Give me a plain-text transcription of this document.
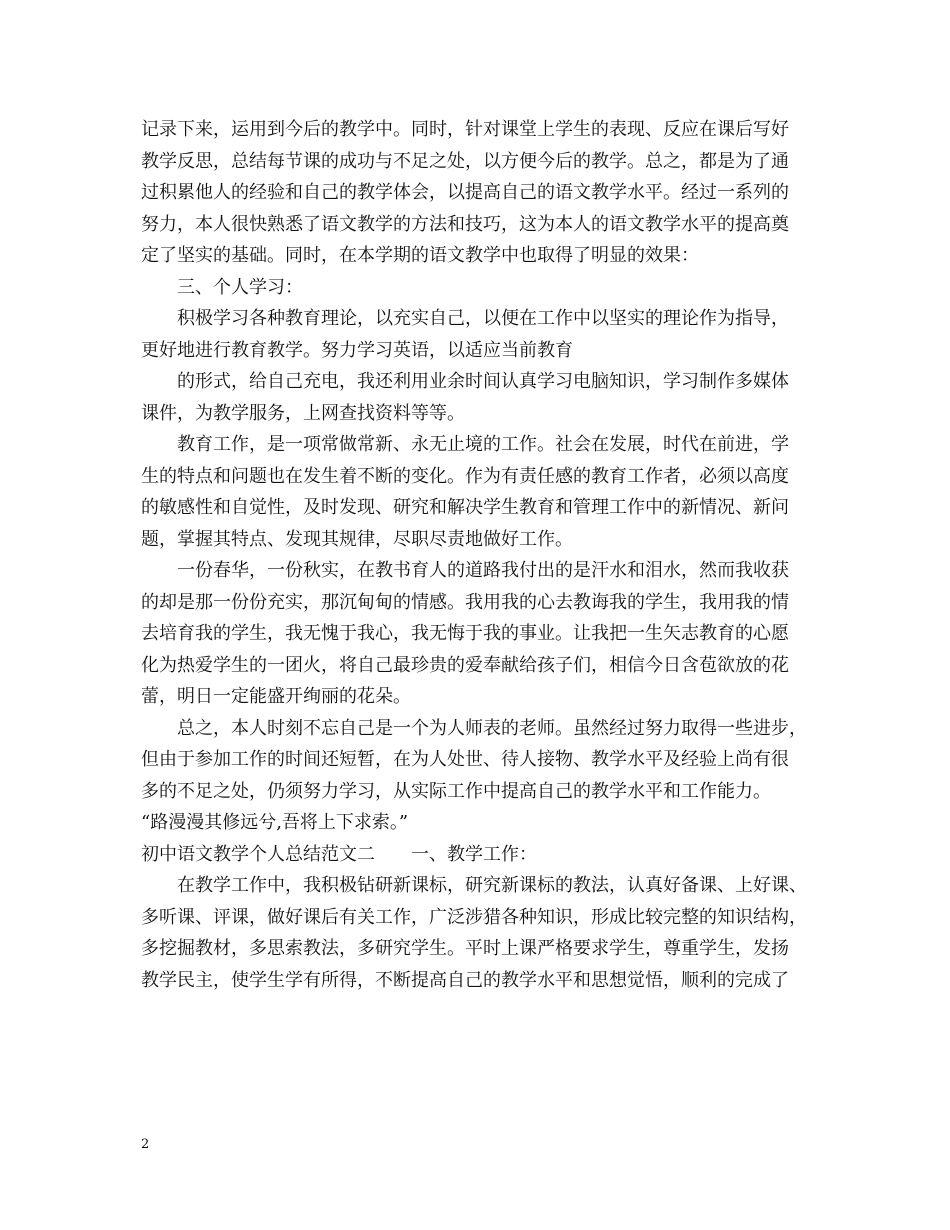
记录下来，运用到今后的教学中。同时，针对课堂上学生的表现、反应在课后写好
教学反思，总结每节课的成功与不足之处，以方便今后的教学。总之，都是为了通
过积累他人的经验和自己的教学体会，以提高自己的语文教学水平。经过一系列的
努力，本人很快熟悉了语文教学的方法和技巧，这为本人的语文教学水平的提高奠
定了坚实的基础。同时，在本学期的语文教学中也取得了明显的效果：
三、个人学习：
积极学习各种教育理论，以充实自己，以便在工作中以坚实的理论作为指导，
更好地进行教育教学。努力学习英语，以适应当前教育
的形式，给自己充电，我还利用业余时间认真学习电脑知识，学习制作多媒体
课件，为教学服务，上网查找资料等等。
教育工作，是一项常做常新、永无止境的工作。社会在发展，时代在前进，学
生的特点和问题也在发生着不断的变化。作为有责任感的教育工作者，必须以高度
的敏感性和自觉性，及时发现、研究和解决学生教育和管理工作中的新情况、新问
题，掌握其特点、发现其规律，尽职尽责地做好工作。
一份春华，一份秋实，在教书育人的道路我付出的是汗水和泪水，然而我收获
的却是那一份份充实，那沉甸甸的情感。我用我的心去教诲我的学生，我用我的情
去培育我的学生，我无愧于我心，我无悔于我的事业。让我把一生矢志教育的心愿
化为热爱学生的一团火，将自己最珍贵的爱奉献给孩子们，相信今日含苞欲放的花
蕾，明日一定能盛开绚丽的花朵。
总之，本人时刻不忘自己是一个为人师表的老师。虽然经过努力取得一些进步，
但由于参加工作的时间还短暂，在为人处世、待人接物、教学水平及经验上尚有很
多的不足之处，仍须努力学习，从实际工作中提高自己的教学水平和工作能力。
“路漫漫其修远兮,吾将上下求索。”
初中语文教学个人总结范文二　　一、教学工作：
在教学工作中，我积极钻研新课标，研究新课标的教法，认真好备课、上好课、
多听课、评课，做好课后有关工作，广泛涉猎各种知识，形成比较完整的知识结构，
多挖掘教材，多思索教法，多研究学生。平时上课严格要求学生，尊重学生，发扬
教学民主，使学生学有所得，不断提高自己的教学水平和思想觉悟，顺利的完成了
2
